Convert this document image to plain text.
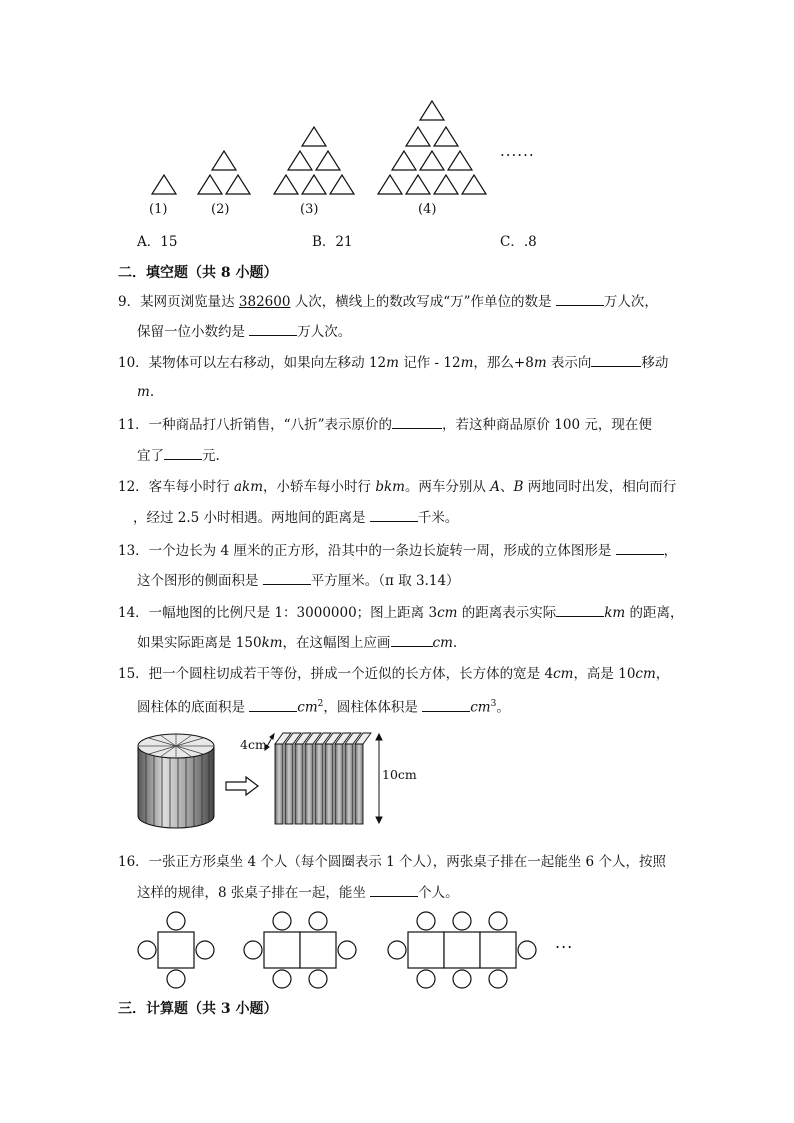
......
(1)	(2)	(3)	(4)
A．15	B．21	C．.8
二．填空题（共 8 小题）
9．某网页浏览量达 382600 人次，横线上的数改写成“万”作单位的数是	万人次，
保留一位小数约是	万人次。
10．某物体可以左右移动，如果向左移动 12m 记作 - 12m，那么+8m 表示向	移动
m.
11．一种商品打八折销售，“八折”表示原价的	，若这种商品原价 100 元，现在便
宜了	元.
12．客车每小时行 akm，小轿车每小时行 bkm。两车分别从 A、B 两地同时出发，相向而行
，经过 2.5 小时相遇。两地间的距离是	千米。
13．一个边长为 4 厘米的正方形，沿其中的一条边长旋转一周，形成的立体图形是	，
这个图形的侧面积是	平方厘米。（π 取 3.14）
14．一幅地图的比例尺是 1：3000000；图上距离 3cm 的距离表示实际	km 的距离，
如果实际距离是 150km，在这幅图上应画	cm.
15．把一个圆柱切成若干等份，拼成一个近似的长方体，长方体的宽是 4cm，高是 10cm，
圆柱体的底面积是	$cm^2$，圆柱体体积是	$cm^3$。
4cm
10cm
16．一张正方形桌坐 4 个人（每个圆圈表示 1 个人），两张桌子排在一起能坐 6 个人，按照
这样的规律，8 张桌子排在一起，能坐	个人。
...
三．计算题（共 3 小题）
